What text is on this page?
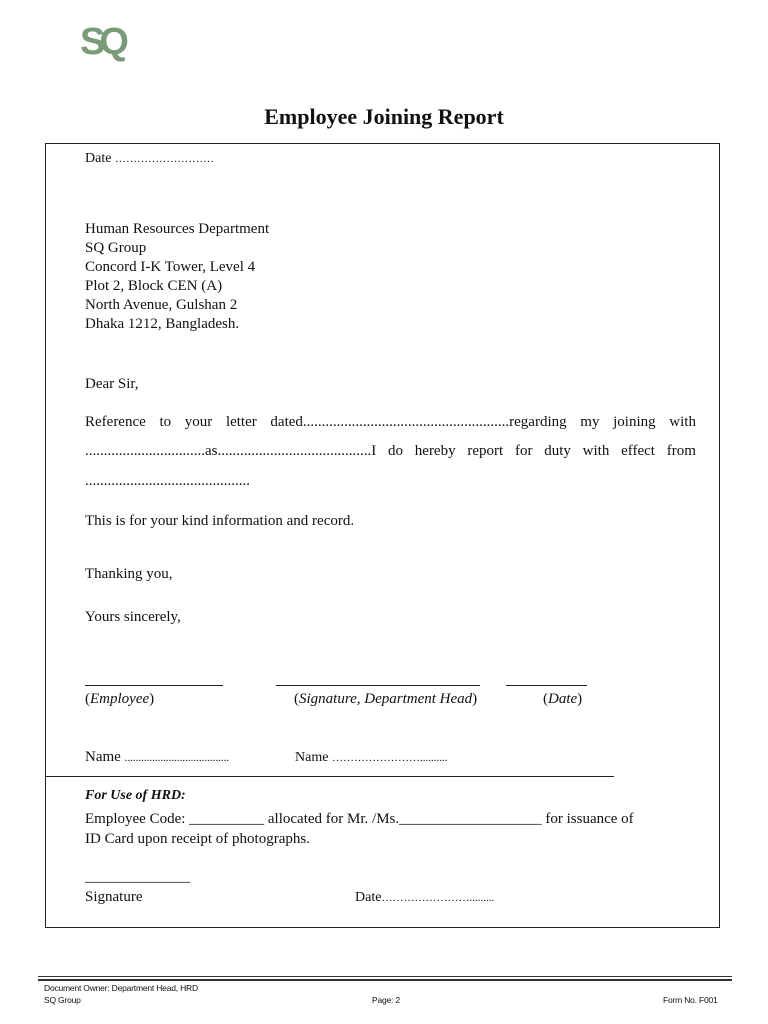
SQ
Employee Joining Report
Date ………………………
Human Resources Department
SQ Group
Concord I-K Tower, Level 4
Plot 2, Block CEN (A)
North Avenue, Gulshan 2
Dhaka 1212, Bangladesh.
Dear Sir,
Reference to your letter dated.......................................................regarding my joining with
................................as.........................................I do hereby report for duty with effect from
............................................
This is for your kind information and record.
Thanking you,
Yours sincerely,
(Employee)	(Signature, Department Head)	(Date)
Name ......................................	Name ……………………..........
For Use of HRD:
Employee Code: __________ allocated for Mr. /Ms.___________________ for issuance of
ID Card upon receipt of photographs.
______________
Signature	Date…………………….........
Document Owner: Department Head, HRD
SQ Group	Page: 2	Form No. F001
